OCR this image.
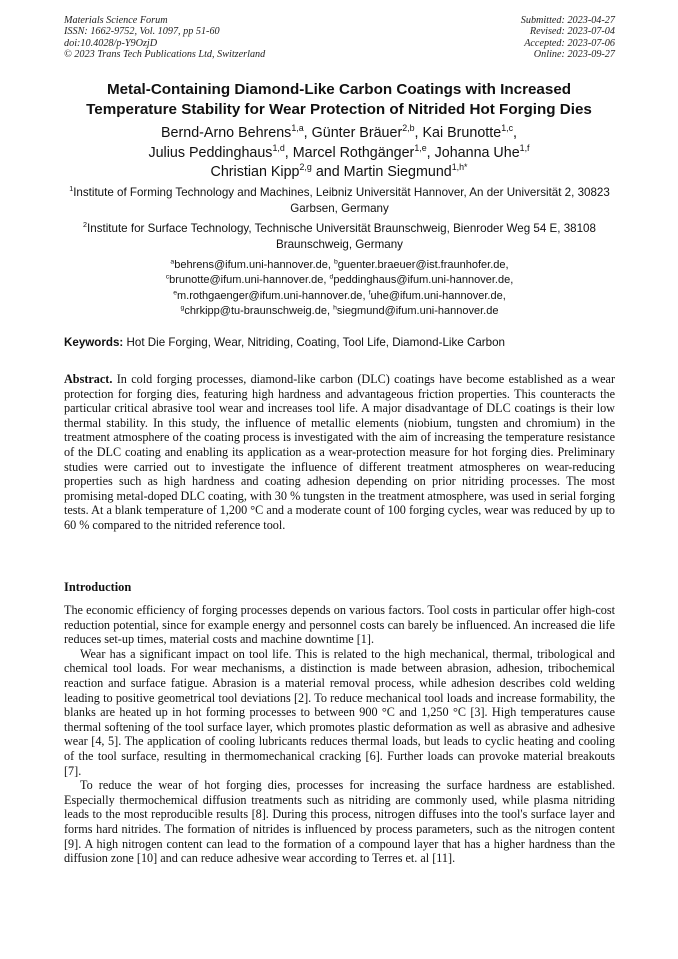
Materials Science Forum
ISSN: 1662-9752, Vol. 1097, pp 51-60
doi:10.4028/p-Y9OzjD
© 2023 Trans Tech Publications Ltd, Switzerland
Submitted: 2023-04-27
Revised: 2023-07-04
Accepted: 2023-07-06
Online: 2023-09-27
Metal-Containing Diamond-Like Carbon Coatings with Increased
Temperature Stability for Wear Protection of Nitrided Hot Forging Dies
Bernd-Arno Behrens$^{1,a}$, Günter Bräuer$^{2,b}$, Kai Brunotte$^{1,c}$,
Julius Peddinghaus$^{1,d}$, Marcel Rothgänger$^{1,e}$, Johanna Uhe$^{1,f}$
Christian Kipp$^{2,g}$ and Martin Siegmund$^{1,h*}$
$^1$Institute of Forming Technology and Machines, Leibniz Universität Hannover, An der Universität 2, 30823 Garbsen, Germany
$^2$Institute for Surface Technology, Technische Universität Braunschweig, Bienroder Weg 54 E, 38108 Braunschweig, Germany
$^a$behrens@ifum.uni-hannover.de, $^b$guenter.braeuer@ist.fraunhofer.de,
$^c$brunotte@ifum.uni-hannover.de, $^d$peddinghaus@ifum.uni-hannover.de,
$^e$m.rothgaenger@ifum.uni-hannover.de, $^f$uhe@ifum.uni-hannover.de,
$^g$chrkipp@tu-braunschweig.de, $^h$siegmund@ifum.uni-hannover.de
Keywords: Hot Die Forging, Wear, Nitriding, Coating, Tool Life, Diamond-Like Carbon
Abstract. In cold forging processes, diamond-like carbon (DLC) coatings have become established as a wear protection for forging dies, featuring high hardness and advantageous friction properties. This counteracts the particular critical abrasive tool wear and increases tool life. A major disadvantage of DLC coatings is their low thermal stability. In this study, the influence of metallic elements (niobium, tungsten and chromium) in the treatment atmosphere of the coating process is investigated with the aim of increasing the temperature resistance of the DLC coating and enabling its application as a wear-protection measure for hot forging dies. Preliminary studies were carried out to investigate the influence of different treatment atmospheres on wear-reducing properties such as high hardness and coating adhesion depending on prior nitriding processes. The most promising metal-doped DLC coating, with 30 % tungsten in the treatment atmosphere, was used in serial forging tests. At a blank temperature of 1,200 °C and a moderate count of 100 forging cycles, wear was reduced by up to 60 % compared to the nitrided reference tool.
Introduction

The economic efficiency of forging processes depends on various factors. Tool costs in particular offer high-cost reduction potential, since for example energy and personnel costs can barely be influenced. An increased die life reduces set-up times, material costs and machine downtime [1].

Wear has a significant impact on tool life. This is related to the high mechanical, thermal, tribological and chemical tool loads. For wear mechanisms, a distinction is made between abrasion, adhesion, tribochemical reaction and surface fatigue. Abrasion is a material removal process, while adhesion describes cold welding leading to positive geometrical tool deviations [2]. To reduce mechanical tool loads and increase formability, the blanks are heated up in hot forming processes to between 900 °C and 1,250 °C [3]. High temperatures cause thermal softening of the tool surface layer, which promotes plastic deformation as well as abrasive and adhesive wear [4, 5]. The application of cooling lubricants reduces thermal loads, but leads to cyclic heating and cooling of the tool surface, resulting in thermomechanical cracking [6]. Further loads can provoke material breakouts [7].

To reduce the wear of hot forging dies, processes for increasing the surface hardness are established. Especially thermochemical diffusion treatments such as nitriding are commonly used, while plasma nitriding leads to the most reproducible results [8]. During this process, nitrogen diffuses into the tool's surface layer and forms hard nitrides. The formation of nitrides is influenced by process parameters, such as the nitrogen content [9]. A high nitrogen content can lead to the formation of a compound layer that has a higher hardness than the diffusion zone [10] and can reduce adhesive wear according to Terres et. al [11].
